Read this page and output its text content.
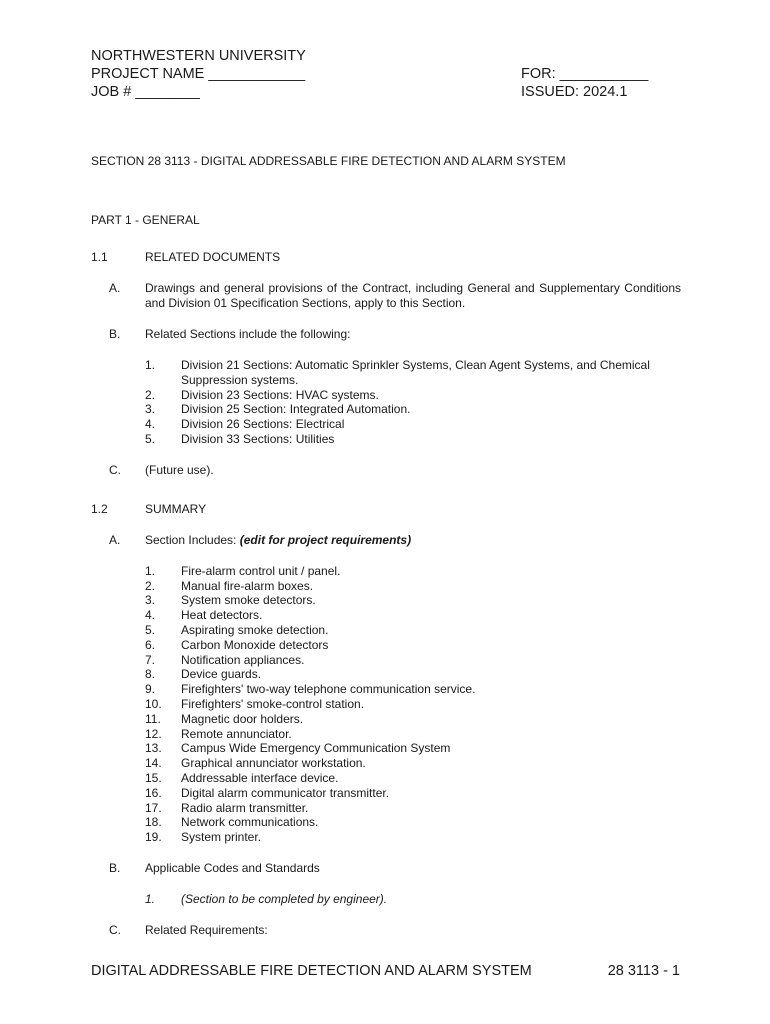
NORTHWESTERN UNIVERSITY
PROJECT NAME ____________
JOB # ________
FOR: ___________
ISSUED: 2024.1
SECTION 28 3113 - DIGITAL ADDRESSABLE FIRE DETECTION AND ALARM SYSTEM
PART 1 - GENERAL
1.1	RELATED DOCUMENTS
A.	Drawings and general provisions of the Contract, including General and Supplementary Conditions and Division 01 Specification Sections, apply to this Section.
B.	Related Sections include the following:
1.	Division 21 Sections: Automatic Sprinkler Systems, Clean Agent Systems, and Chemical Suppression systems.
2.	Division 23 Sections: HVAC systems.
3.	Division 25 Section: Integrated Automation.
4.	Division 26 Sections: Electrical
5.	Division 33 Sections: Utilities
C.	(Future use).
1.2	SUMMARY
A.	Section Includes: (edit for project requirements)
1.	Fire-alarm control unit / panel.
2.	Manual fire-alarm boxes.
3.	System smoke detectors.
4.	Heat detectors.
5.	Aspirating smoke detection.
6.	Carbon Monoxide detectors
7.	Notification appliances.
8.	Device guards.
9.	Firefighters' two-way telephone communication service.
10.	Firefighters' smoke-control station.
11.	Magnetic door holders.
12.	Remote annunciator.
13.	Campus Wide Emergency Communication System
14.	Graphical annunciator workstation.
15.	Addressable interface device.
16.	Digital alarm communicator transmitter.
17.	Radio alarm transmitter.
18.	Network communications.
19.	System printer.
B.	Applicable Codes and Standards
1.	(Section to be completed by engineer).
C.	Related Requirements:
DIGITAL ADDRESSABLE FIRE DETECTION AND ALARM SYSTEM	28 3113 - 1
